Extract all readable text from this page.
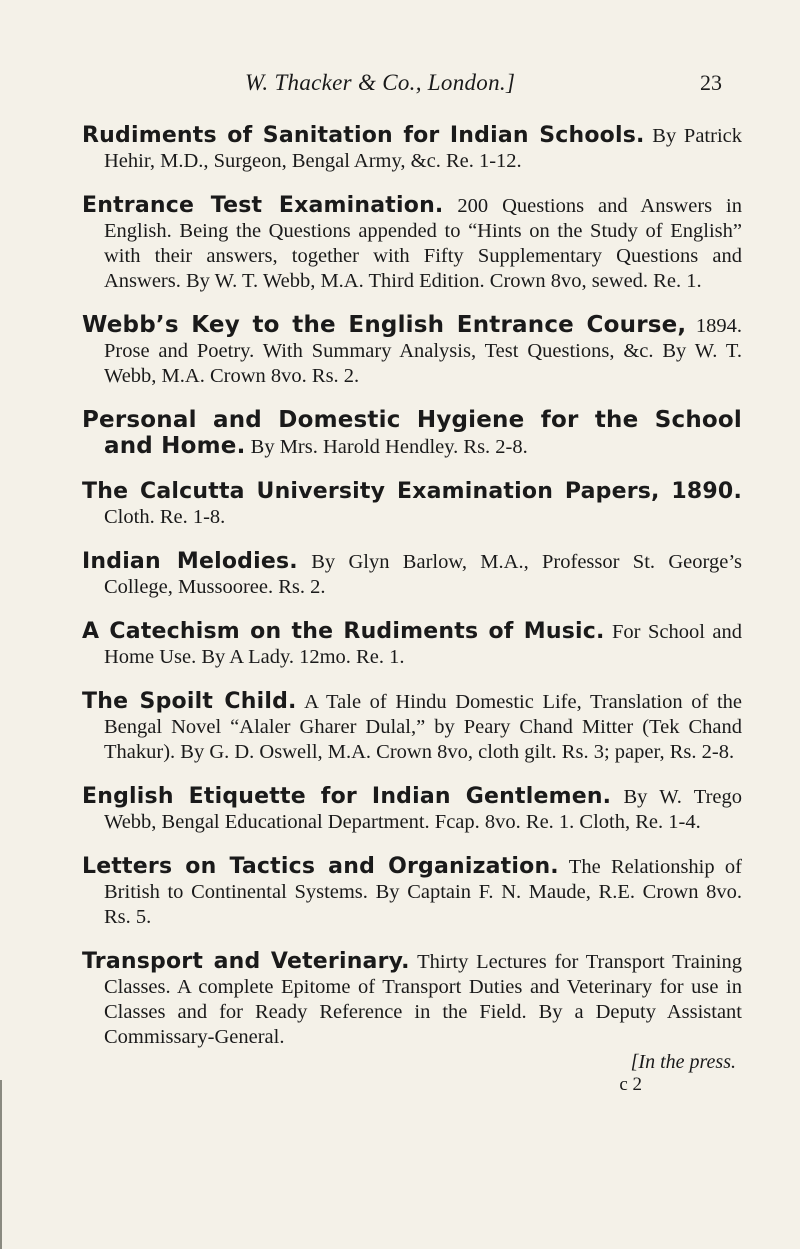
W. Thacker & Co., London.]	23

Rudiments of Sanitation for Indian Schools. By Patrick Hehir, M.D., Surgeon, Bengal Army, &c. Re. 1-12.

Entrance Test Examination. 200 Questions and Answers in English. Being the Questions appended to “Hints on the Study of English” with their answers, together with Fifty Supplementary Questions and Answers. By W. T. Webb, M.A. Third Edition. Crown 8vo, sewed. Re. 1.

Webb’s Key to the English Entrance Course, 1894. Prose and Poetry. With Summary Analysis, Test Questions, &c. By W. T. Webb, M.A. Crown 8vo. Rs. 2.

Personal and Domestic Hygiene for the School and Home. By Mrs. Harold Hendley. Rs. 2-8.

The Calcutta University Examination Papers, 1890. Cloth. Re. 1-8.

Indian Melodies. By Glyn Barlow, M.A., Professor St. George’s College, Mussooree. Rs. 2.

A Catechism on the Rudiments of Music. For School and Home Use. By A Lady. 12mo. Re. 1.

The Spoilt Child. A Tale of Hindu Domestic Life, Translation of the Bengal Novel “Alaler Gharer Dulal,” by Peary Chand Mitter (Tek Chand Thakur). By G. D. Oswell, M.A. Crown 8vo, cloth gilt. Rs. 3; paper, Rs. 2-8.

English Etiquette for Indian Gentlemen. By W. Trego Webb, Bengal Educational Department. Fcap. 8vo. Re. 1. Cloth, Re. 1-4.

Letters on Tactics and Organization. The Relationship of British to Continental Systems. By Captain F. N. Maude, R.E. Crown 8vo. Rs. 5.

Transport and Veterinary. Thirty Lectures for Transport Training Classes. A complete Epitome of Transport Duties and Veterinary for use in Classes and for Ready Reference in the Field. By a Deputy Assistant Commissary-General.

[In the press.

c 2
